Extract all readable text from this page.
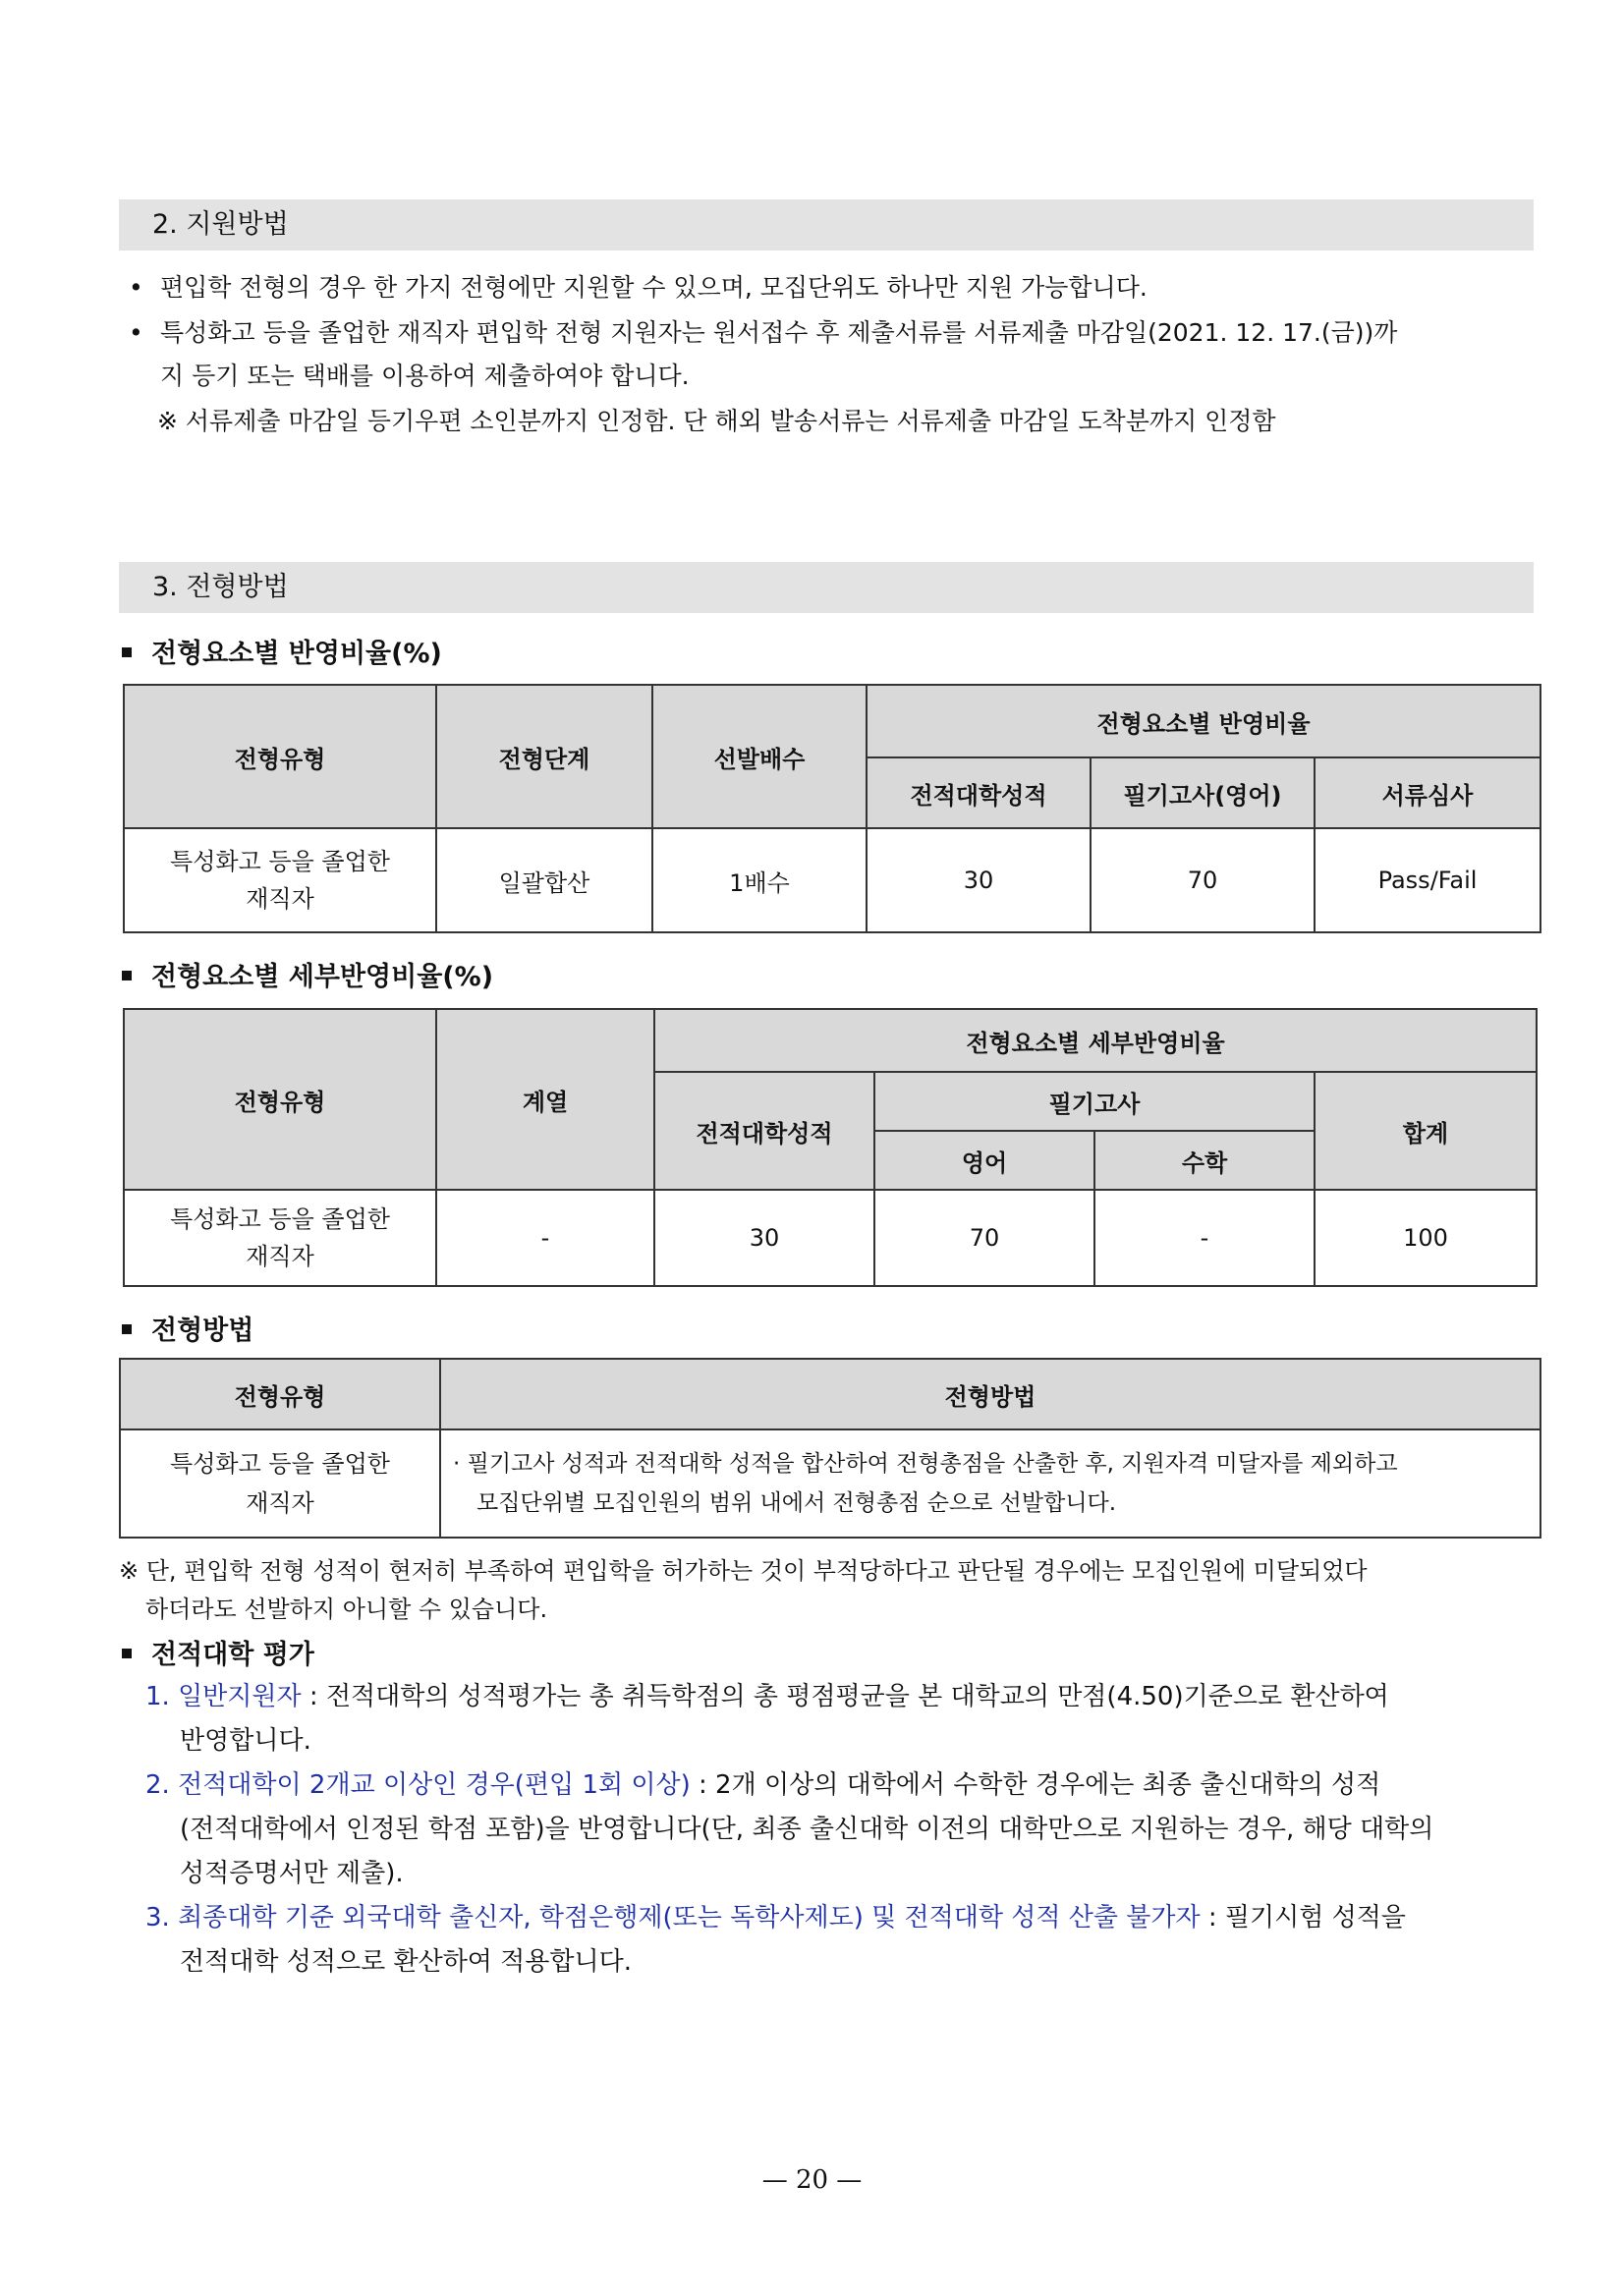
2. 지원방법
• 편입학 전형의 경우 한 가지 전형에만 지원할 수 있으며, 모집단위도 하나만 지원 가능합니다.
• 특성화고 등을 졸업한 재직자 편입학 전형 지원자는 원서접수 후 제출서류를 서류제출 마감일(2021. 12. 17.(금))까
지 등기 또는 택배를 이용하여 제출하여야 합니다.
※ 서류제출 마감일 등기우편 소인분까지 인정함. 단 해외 발송서류는 서류제출 마감일 도착분까지 인정함
3. 전형방법
전형요소별 반영비율(%)
전형유형	전형단계	선발배수	전형요소별 반영비율		
			전적대학성적	필기고사(영어)	서류심사
특성화고 등을 졸업한
재직자	일괄합산	1배수	30	70	Pass/Fail
전형요소별 세부반영비율(%)
전형유형	계열	전형요소별 세부반영비율			
		전적대학성적	필기고사		합계
			영어	수학	
특성화고 등을 졸업한
재직자	-	30	70	-	100
전형방법
전형유형	전형방법
특성화고 등을 졸업한
재직자	· 필기고사 성적과 전적대학 성적을 합산하여 전형총점을 산출한 후, 지원자격 미달자를 제외하고
모집단위별 모집인원의 범위 내에서 전형총점 순으로 선발합니다.
※ 단, 편입학 전형 성적이 현저히 부족하여 편입학을 허가하는 것이 부적당하다고 판단될 경우에는 모집인원에 미달되었다
하더라도 선발하지 아니할 수 있습니다.
전적대학 평가
1. 일반지원자 : 전적대학의 성적평가는 총 취득학점의 총 평점평균을 본 대학교의 만점(4.50)기준으로 환산하여
반영합니다.
2. 전적대학이 2개교 이상인 경우(편입 1회 이상) : 2개 이상의 대학에서 수학한 경우에는 최종 출신대학의 성적
(전적대학에서 인정된 학점 포함)을 반영합니다(단, 최종 출신대학 이전의 대학만으로 지원하는 경우, 해당 대학의
성적증명서만 제출).
3. 최종대학 기준 외국대학 출신자, 학점은행제(또는 독학사제도) 및 전적대학 성적 산출 불가자 : 필기시험 성적을
전적대학 성적으로 환산하여 적용합니다.
— 20 —
